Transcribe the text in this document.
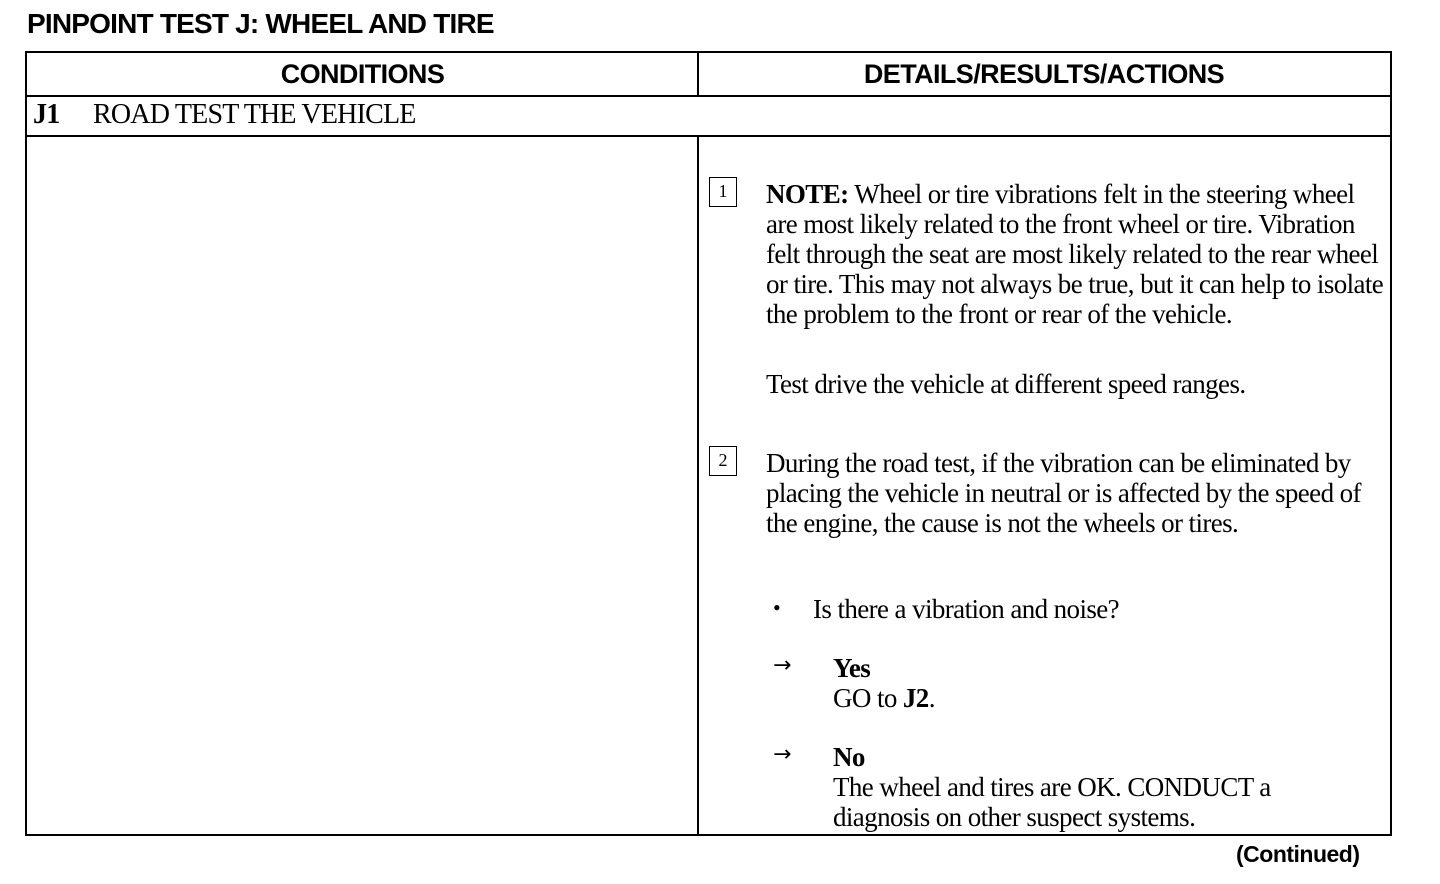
PINPOINT TEST J: WHEEL AND TIRE
CONDITIONS	DETAILS/RESULTS/ACTIONS
J1 ROAD TEST THE VEHICLE
1	NOTE: Wheel or tire vibrations felt in the steering wheel are most likely related to the front wheel or tire. Vibration felt through the seat are most likely related to the rear wheel or tire. This may not always be true, but it can help to isolate the problem to the front or rear of the vehicle.
Test drive the vehicle at different speed ranges.
2	During the road test, if the vibration can be eliminated by placing the vehicle in neutral or is affected by the speed of the engine, the cause is not the wheels or tires.
• Is there a vibration and noise?
→ Yes
GO to J2.
→ No
The wheel and tires are OK. CONDUCT a diagnosis on other suspect systems.
(Continued)
